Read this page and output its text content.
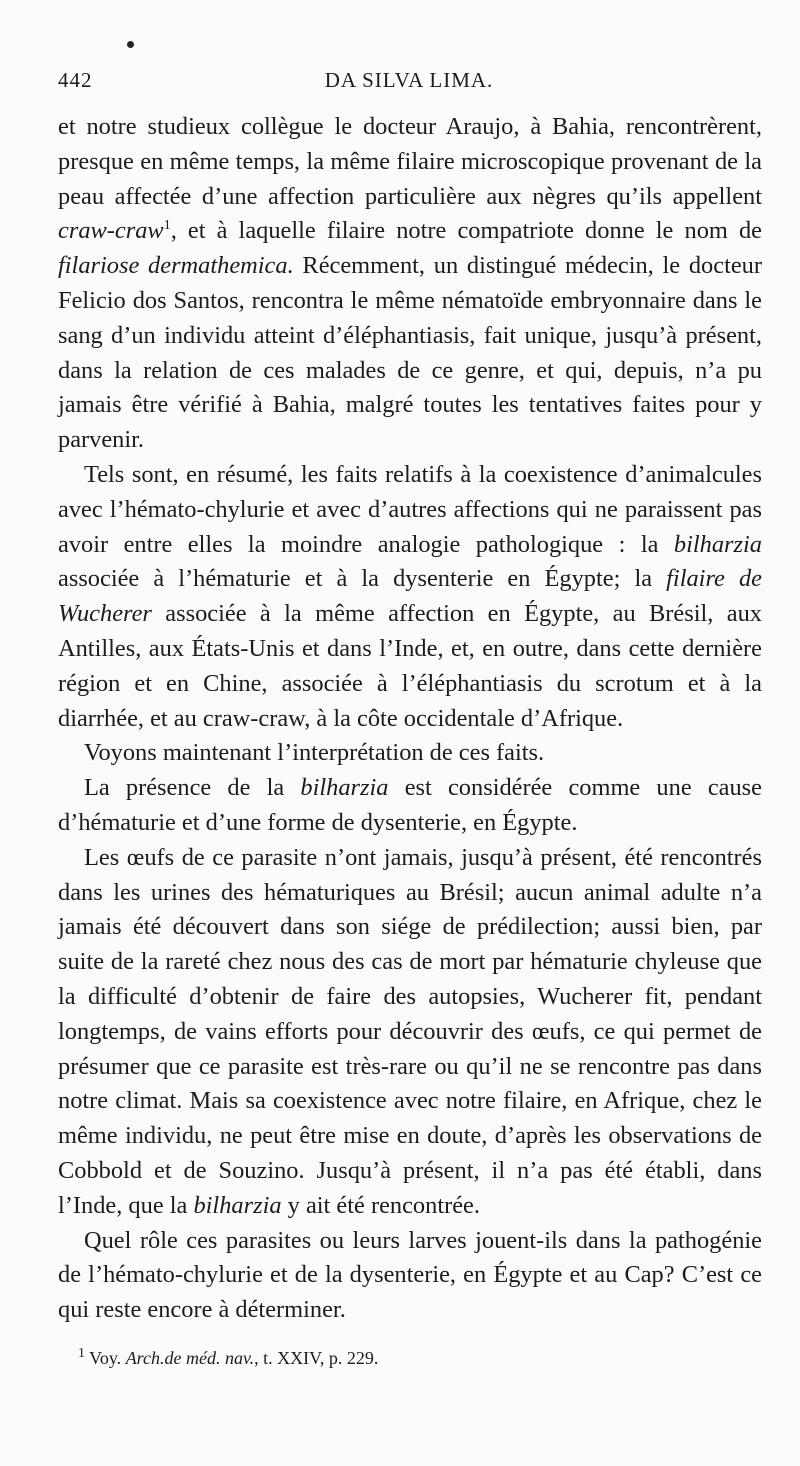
442	DA SILVA LIMA.

et notre studieux collègue le docteur Araujo, à Bahia, rencontrèrent, presque en même temps, la même filaire microscopique provenant de la peau affectée d’une affection particulière aux nègres qu’ils appellent craw-craw$^1$, et à laquelle filaire notre compatriote donne le nom de filariose dermathemica. Récemment, un distingué médecin, le docteur Felicio dos Santos, rencontra le même nématoïde embryonnaire dans le sang d’un individu atteint d’éléphantiasis, fait unique, jusqu’à présent, dans la relation de ces malades de ce genre, et qui, depuis, n’a pu jamais être vérifié à Bahia, malgré toutes les tentatives faites pour y parvenir.

Tels sont, en résumé, les faits relatifs à la coexistence d’animalcules avec l’hémato-chylurie et avec d’autres affections qui ne paraissent pas avoir entre elles la moindre analogie pathologique : la bilharzia associée à l’hématurie et à la dysenterie en Égypte; la filaire de Wucherer associée à la même affection en Égypte, au Brésil, aux Antilles, aux États-Unis et dans l’Inde, et, en outre, dans cette dernière région et en Chine, associée à l’éléphantiasis du scrotum et à la diarrhée, et au craw-craw, à la côte occidentale d’Afrique.

Voyons maintenant l’interprétation de ces faits.

La présence de la bilharzia est considérée comme une cause d’hématurie et d’une forme de dysenterie, en Égypte.

Les œufs de ce parasite n’ont jamais, jusqu’à présent, été rencontrés dans les urines des hématuriques au Brésil; aucun animal adulte n’a jamais été découvert dans son siége de prédilection; aussi bien, par suite de la rareté chez nous des cas de mort par hématurie chyleuse que la difficulté d’obtenir de faire des autopsies, Wucherer fit, pendant longtemps, de vains efforts pour découvrir des œufs, ce qui permet de présumer que ce parasite est très-rare ou qu’il ne se rencontre pas dans notre climat. Mais sa coexistence avec notre filaire, en Afrique, chez le même individu, ne peut être mise en doute, d’après les observations de Cobbold et de Souzino. Jusqu’à présent, il n’a pas été établi, dans l’Inde, que la bilharzia y ait été rencontrée.

Quel rôle ces parasites ou leurs larves jouent-ils dans la pathogénie de l’hémato-chylurie et de la dysenterie, en Égypte et au Cap? C’est ce qui reste encore à déterminer.

$^1$ Voy. Arch.de méd. nav., t. XXIV, p. 229.
